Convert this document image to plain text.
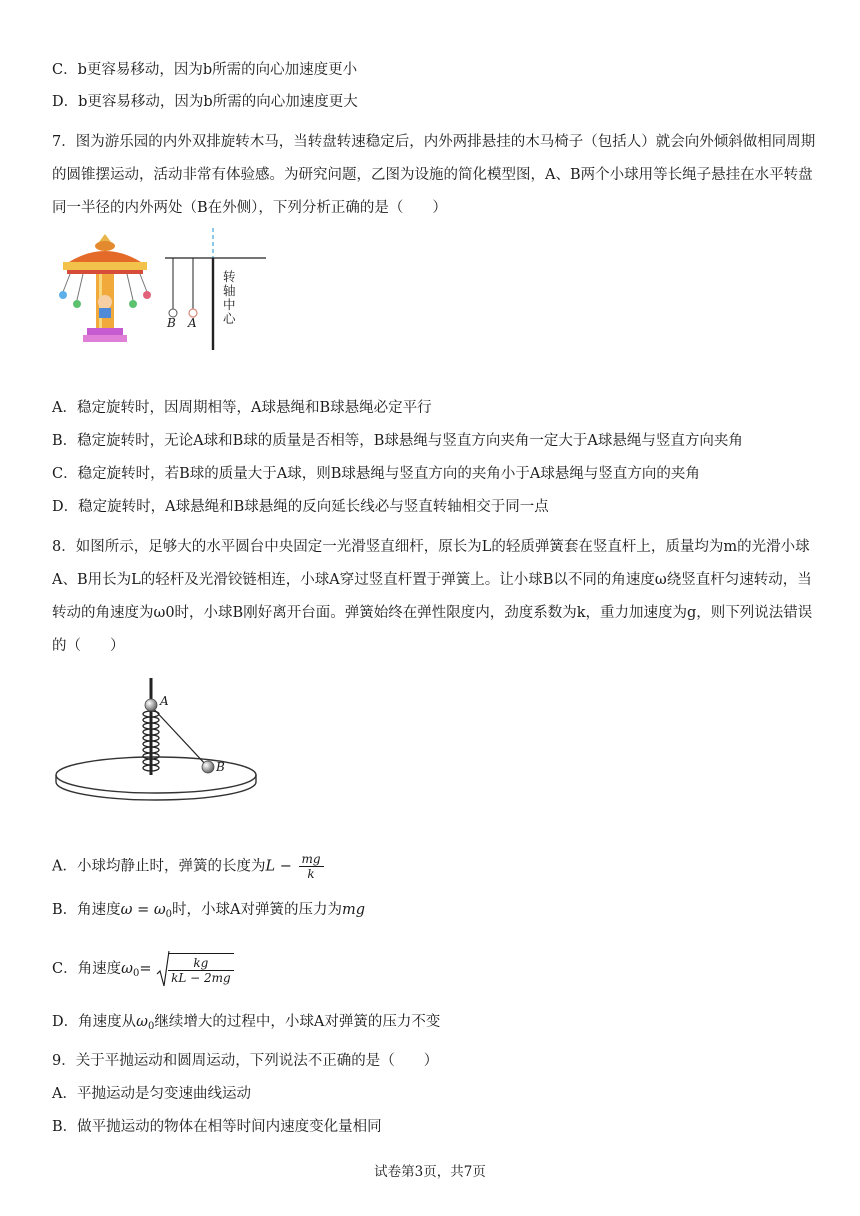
C．b更容易移动，因为b所需的向心加速度更小
D．b更容易移动，因为b所需的向心加速度更大
7．图为游乐园的内外双排旋转木马，当转盘转速稳定后，内外两排悬挂的木马椅子（包括人）就会向外倾斜做相同周期的圆锥摆运动，活动非常有体验感。为研究问题，乙图为设施的简化模型图，A、B两个小球用等长绳子悬挂在水平转盘同一半径的内外两处（B在外侧），下列分析正确的是（　　）
B A
转轴中心
A．稳定旋转时，因周期相等，A球悬绳和B球悬绳必定平行
B．稳定旋转时，无论A球和B球的质量是否相等，B球悬绳与竖直方向夹角一定大于A球悬绳与竖直方向夹角
C．稳定旋转时，若B球的质量大于A球，则B球悬绳与竖直方向的夹角小于A球悬绳与竖直方向的夹角
D．稳定旋转时，A球悬绳和B球悬绳的反向延长线必与竖直转轴相交于同一点
8．如图所示，足够大的水平圆台中央固定一光滑竖直细杆，原长为L的轻质弹簧套在竖直杆上，质量均为m的光滑小球A、B用长为L的轻杆及光滑铰链相连，小球A穿过竖直杆置于弹簧上。让小球B以不同的角速度ω绕竖直杆匀速转动，当转动的角速度为ω0时，小球B刚好离开台面。弹簧始终在弹性限度内，劲度系数为k，重力加速度为g，则下列说法错误的（　　）
A
B
A．小球均静止时，弹簧的长度为$L - \frac{mg}{k}$
B．角速度$\omega = \omega_0$时，小球A对弹簧的压力为mg
C．角速度$\omega_0= \frac{kg}{kL - 2mg}$
D．角速度从$\omega_0$继续增大的过程中，小球A对弹簧的压力不变
9．关于平抛运动和圆周运动，下列说法不正确的是（　　）
A．平抛运动是匀变速曲线运动
B．做平抛运动的物体在相等时间内速度变化量相同
试卷第3页，共7页
